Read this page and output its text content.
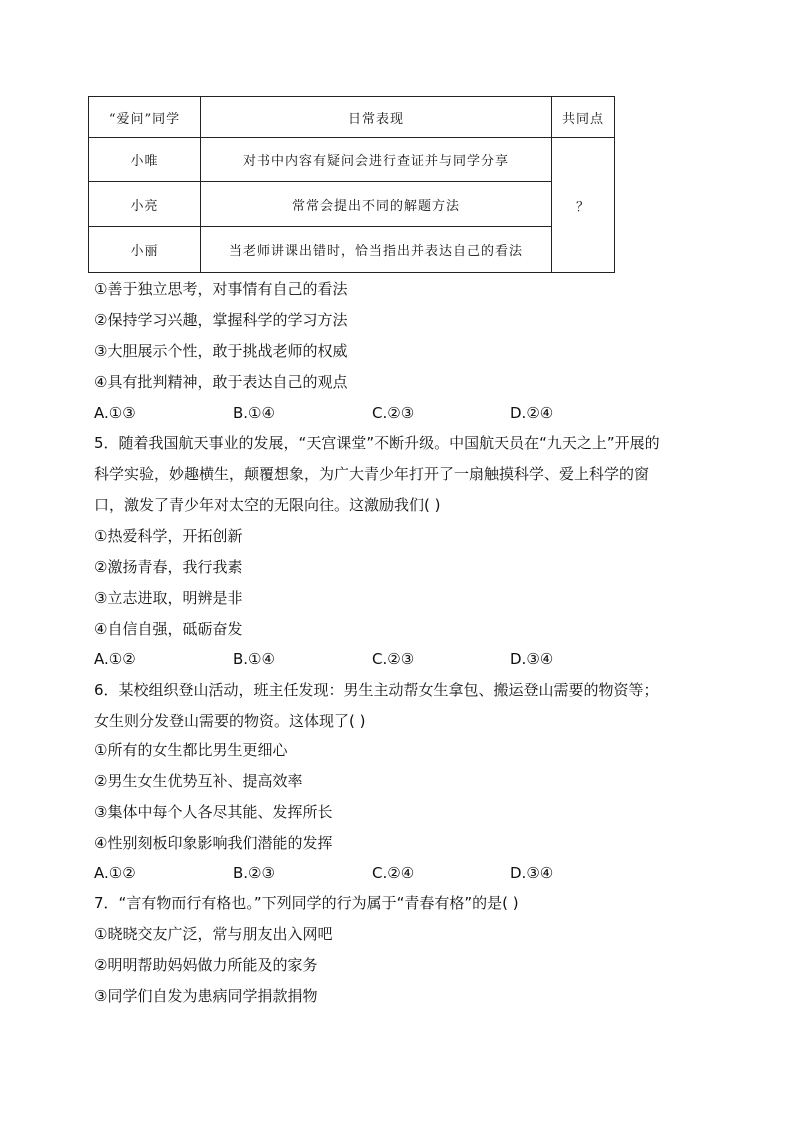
“爱问”同学	日常表现	共同点
小唯	对书中内容有疑问会进行查证并与同学分享	？
小亮	常常会提出不同的解题方法	
小丽	当老师讲课出错时，恰当指出并表达自己的看法	
①善于独立思考，对事情有自己的看法
②保持学习兴趣，掌握科学的学习方法
③大胆展示个性，敢于挑战老师的权威
④具有批判精神，敢于表达自己的观点
A.①③	B.①④	C.②③	D.②④
5．随着我国航天事业的发展，“天宫课堂”不断升级。中国航天员在“九天之上”开展的
科学实验，妙趣横生，颠覆想象，为广大青少年打开了一扇触摸科学、爱上科学的窗
口，激发了青少年对太空的无限向往。这激励我们( )
①热爱科学，开拓创新
②激扬青春，我行我素
③立志进取，明辨是非
④自信自强，砥砺奋发
A.①②	B.①④	C.②③	D.③④
6．某校组织登山活动，班主任发现：男生主动帮女生拿包、搬运登山需要的物资等；
女生则分发登山需要的物资。这体现了( )
①所有的女生都比男生更细心
②男生女生优势互补、提高效率
③集体中每个人各尽其能、发挥所长
④性别刻板印象影响我们潜能的发挥
A.①②	B.②③	C.②④	D.③④
7．“言有物而行有格也。”下列同学的行为属于“青春有格”的是( )
①晓晓交友广泛，常与朋友出入网吧
②明明帮助妈妈做力所能及的家务
③同学们自发为患病同学捐款捐物
